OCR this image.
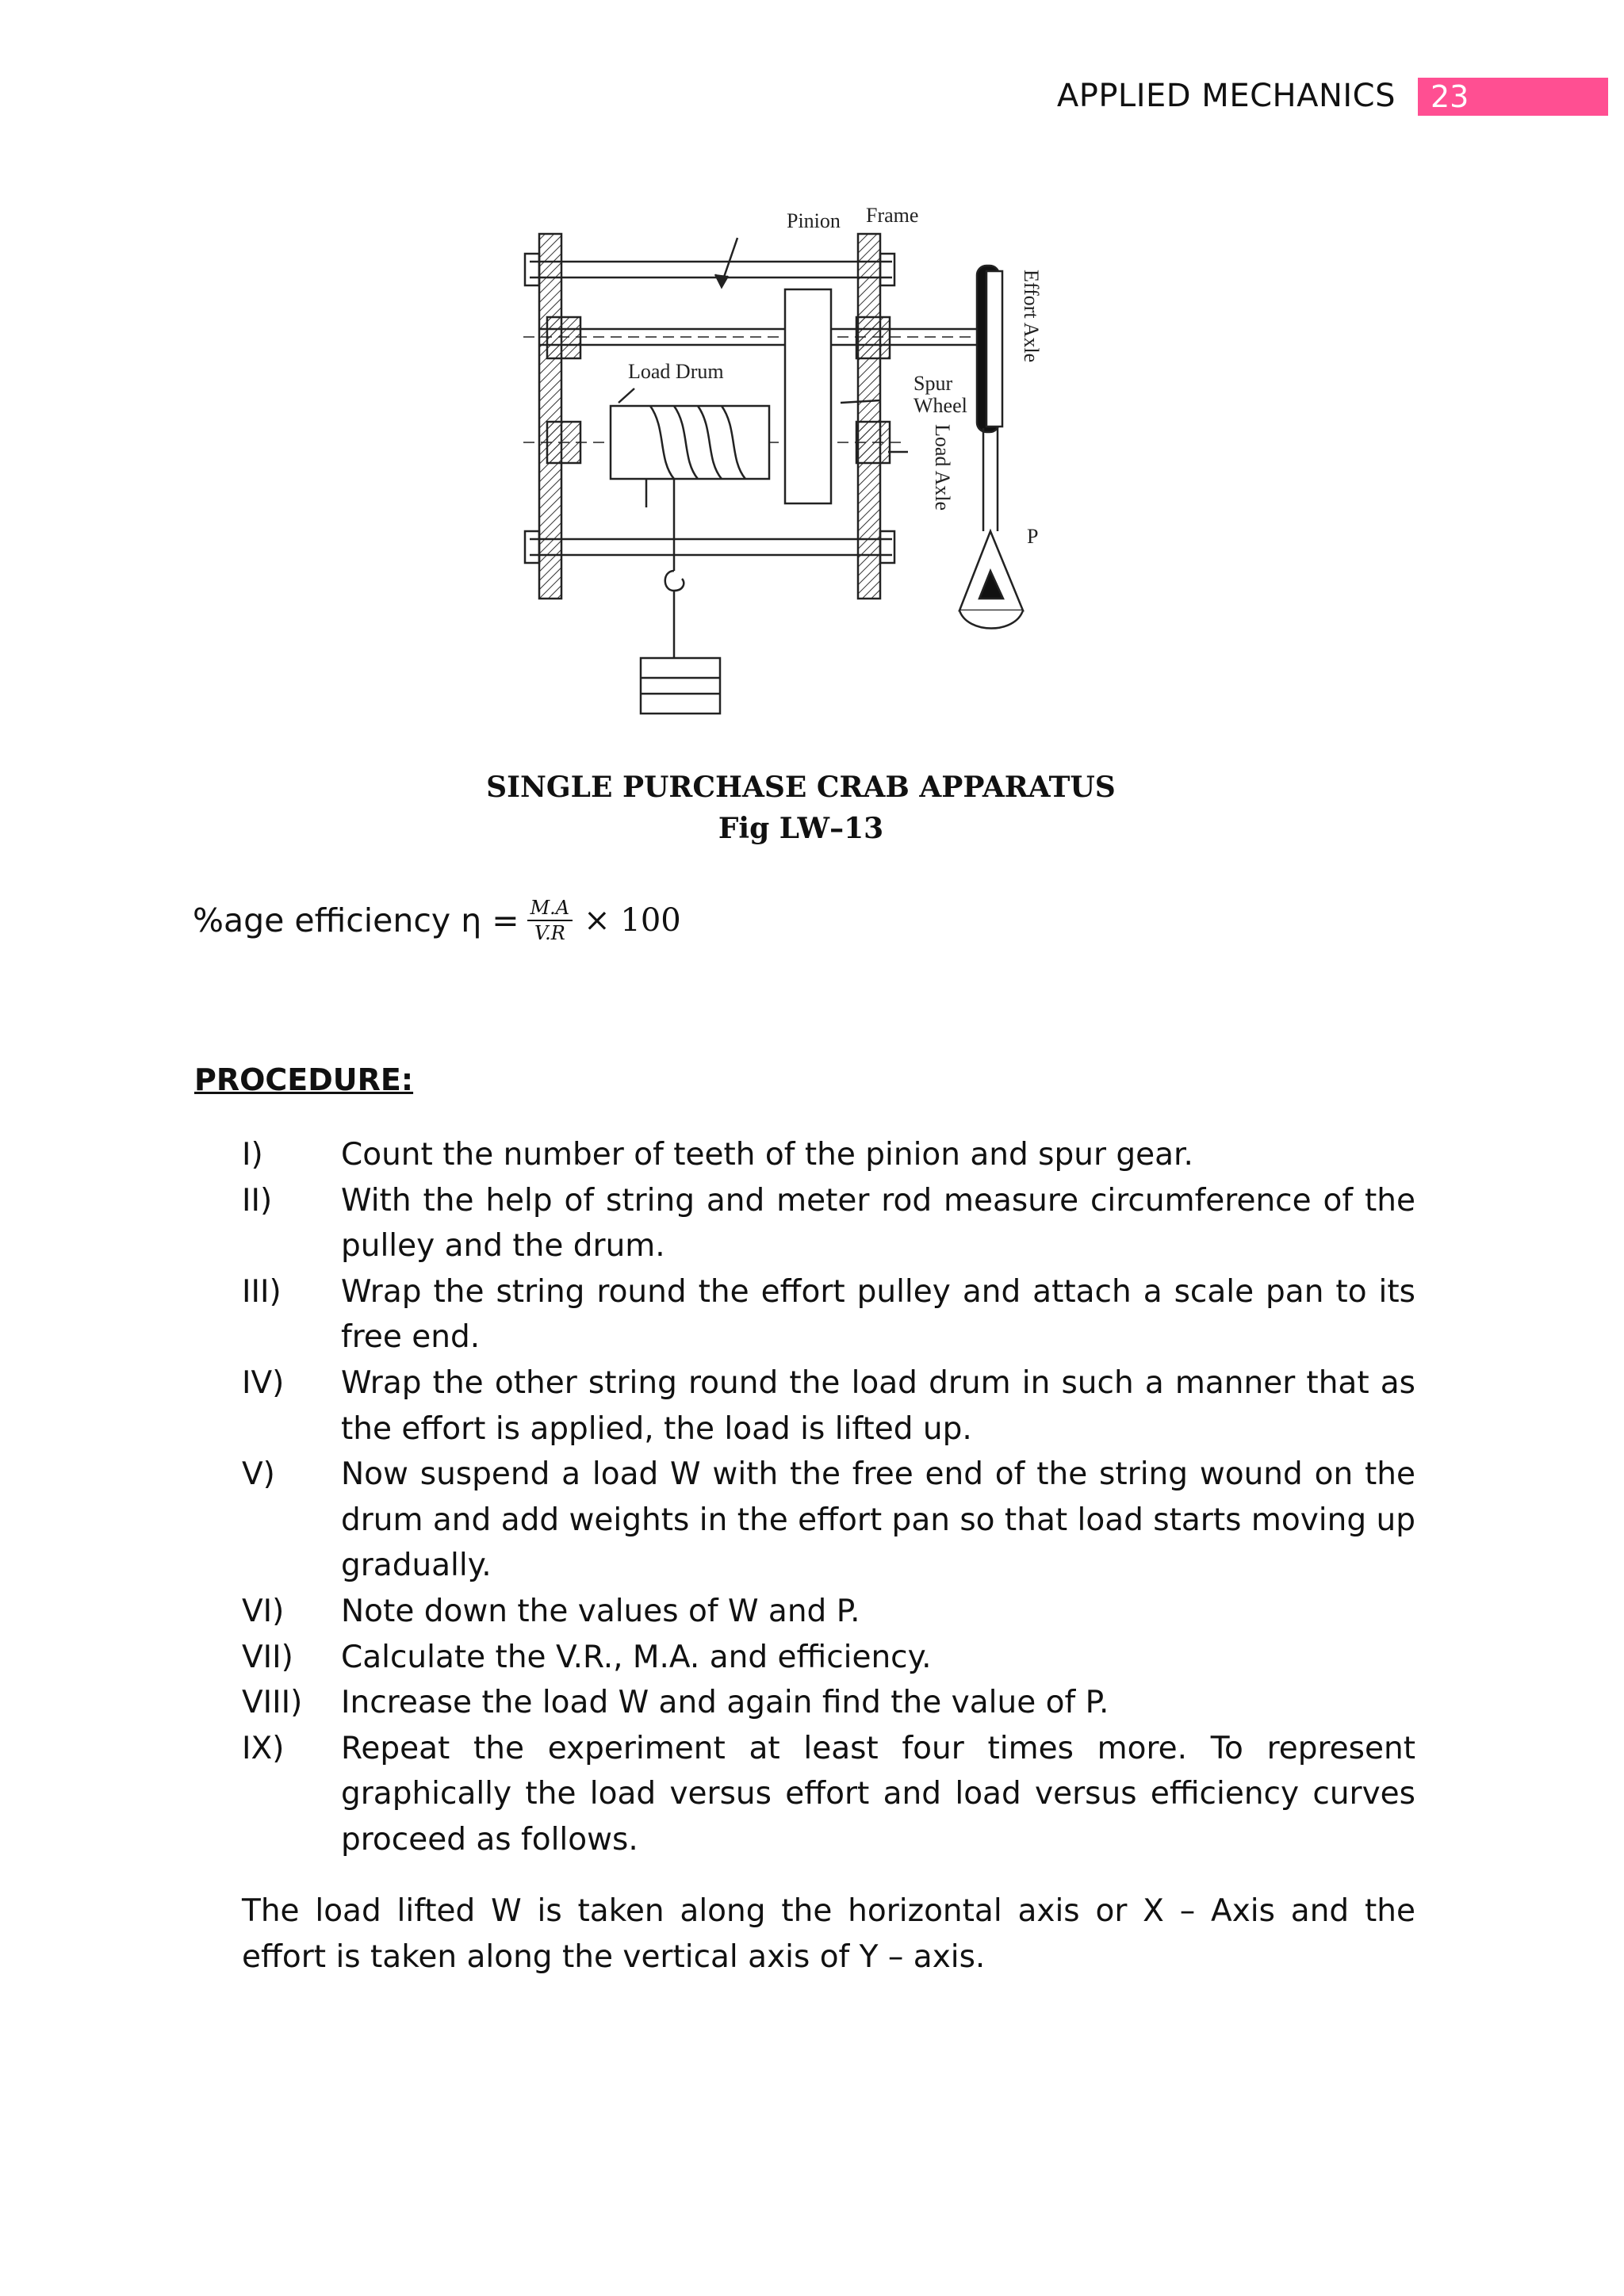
APPLIED MECHANICS	23
Pinion Frame
Load Drum
Spur
Wheel
P
Effort Axle
Load Axle
SINGLE PURCHASE CRAB APPARATUS
Fig LW–13
%age efficiency $\eta = \frac{M.A}{V.R} \times 100$
PROCEDURE:
I)	Count the number of teeth of the pinion and spur gear.
II)	With the help of string and meter rod measure circumference of the pulley and the drum.
III)	Wrap the string round the effort pulley and attach a scale pan to its free end.
IV)	Wrap the other string round the load drum in such a manner that as the effort is applied, the load is lifted up.
V)	Now suspend a load W with the free end of the string wound on the drum and add weights in the effort pan so that load starts moving up gradually.
VI)	Note down the values of W and P.
VII)	Calculate the V.R., M.A. and efficiency.
VIII)	Increase the load W and again find the value of P.
IX)	Repeat the experiment at least four times more. To represent graphically the load versus effort and load versus efficiency curves proceed as follows.

The load lifted W is taken along the horizontal axis or X – Axis and the effort is taken along the vertical axis of Y – axis.
